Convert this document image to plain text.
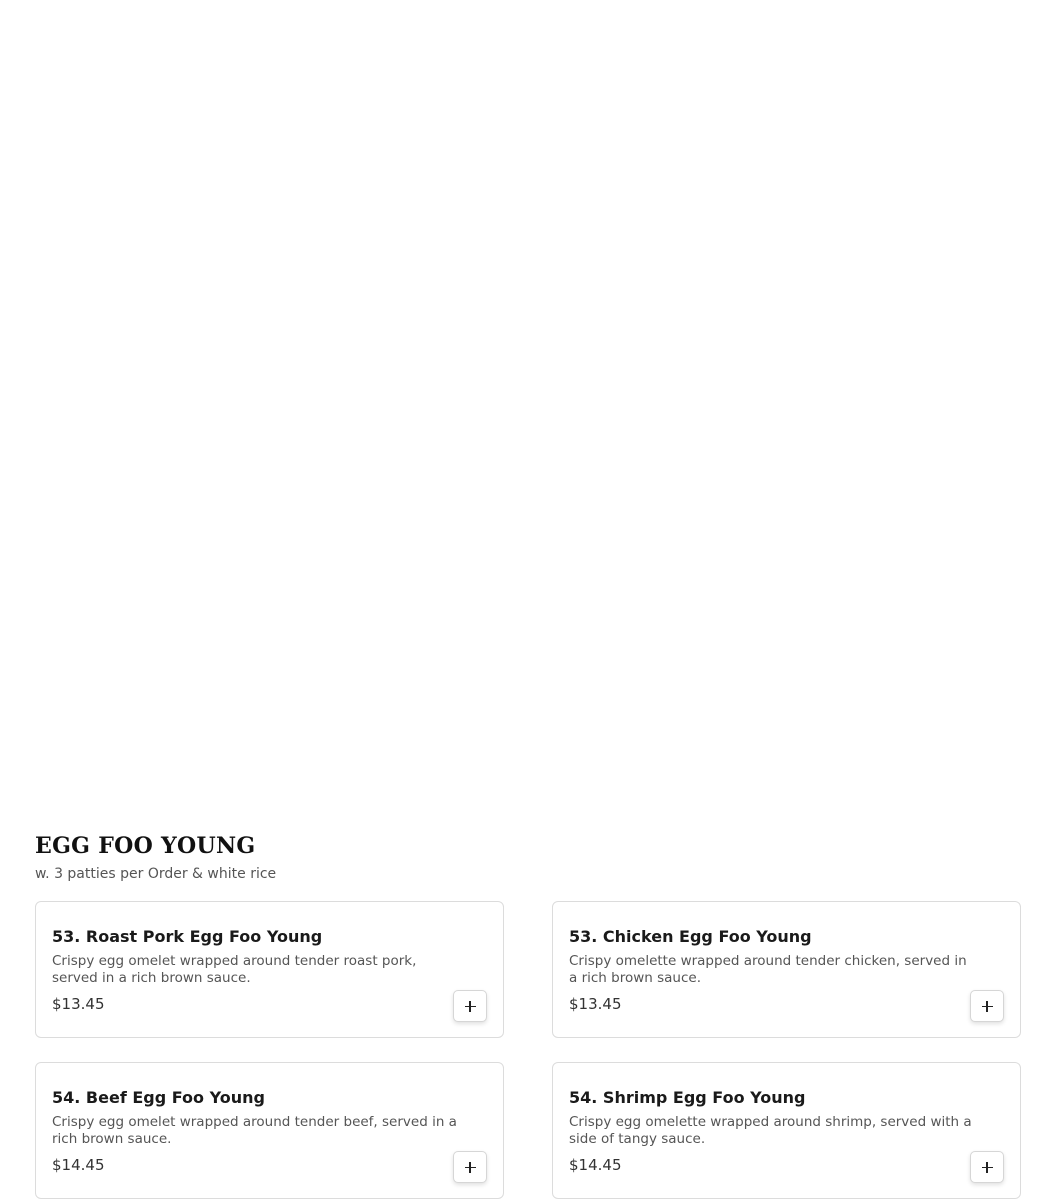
EGG FOO YOUNG

w. 3 patties per Order & white rice

53. Roast Pork Egg Foo Young

Crispy egg omelet wrapped around tender roast pork, served in a rich brown sauce.

$13.45
53. Chicken Egg Foo Young

Crispy omelette wrapped around tender chicken, served in a rich brown sauce.

$13.45
54. Beef Egg Foo Young

Crispy egg omelet wrapped around tender beef, served in a rich brown sauce.

$14.45
54. Shrimp Egg Foo Young

Crispy egg omelette wrapped around shrimp, served with a side of tangy sauce.

$14.45
